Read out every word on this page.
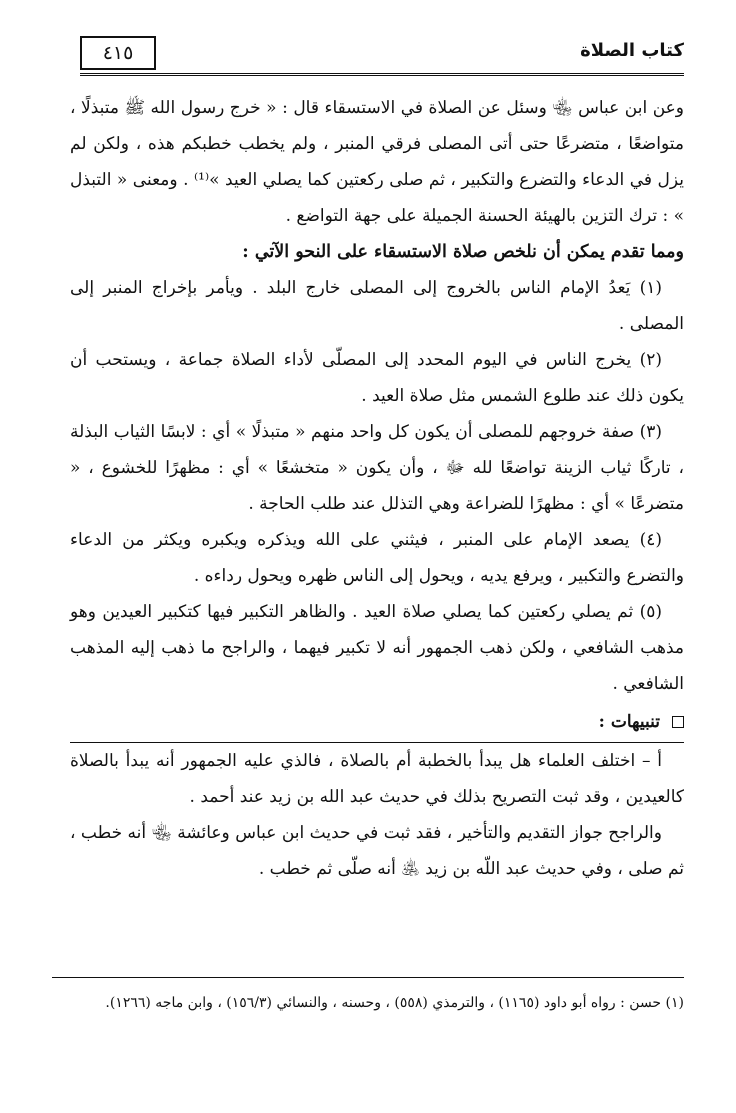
٤١٥	كتاب الصلاة

وعن ابن عباس ﵄ وسئل عن الصلاة في الاستسقاء قال : « خرج رسول الله ﷺ متبذلًا ، متواضعًا ، متضرعًا حتى أتى المصلى فرقي المنبر ، ولم يخطب خطبكم هذه ، ولكن لم يزل في الدعاء والتضرع والتكبير ، ثم صلى ركعتين كما يصلي العيد »⁽¹⁾ . ومعنى « التبذل » : ترك التزين بالهيئة الحسنة الجميلة على جهة التواضع .

ومما تقدم يمكن أن نلخص صلاة الاستسقاء على النحو الآتي :

(١) يَعدُ الإمام الناس بالخروج إلى المصلى خارج البلد . ويأمر بإخراج المنبر إلى المصلى .

(٢) يخرج الناس في اليوم المحدد إلى المصلّى لأداء الصلاة جماعة ، ويستحب أن يكون ذلك عند طلوع الشمس مثل صلاة العيد .

(٣) صفة خروجهم للمصلى أن يكون كل واحد منهم « متبذلًا » أي : لابسًا الثياب البذلة ، تاركًا ثياب الزينة تواضعًا لله ﷻ ، وأن يكون « متخشعًا » أي : مظهرًا للخشوع ، « متضرعًا » أي : مظهرًا للضراعة وهي التذلل عند طلب الحاجة .

(٤) يصعد الإمام على المنبر ، فيثني على الله ويذكره ويكبره ويكثر من الدعاء والتضرع والتكبير ، ويرفع يديه ، ويحول إلى الناس ظهره ويحول رداءه .

(٥) ثم يصلي ركعتين كما يصلي صلاة العيد . والظاهر التكبير فيها كتكبير العيدين وهو مذهب الشافعي ، ولكن ذهب الجمهور أنه لا تكبير فيهما ، والراجح ما ذهب إليه المذهب الشافعي .

تنبيهات :

أ – اختلف العلماء هل يبدأ بالخطبة أم بالصلاة ، فالذي عليه الجمهور أنه يبدأ بالصلاة كالعيدين ، وقد ثبت التصريح بذلك في حديث عبد الله بن زيد عند أحمد .

والراجح جواز التقديم والتأخير ، فقد ثبت في حديث ابن عباس وعائشة ﵄ أنه خطب ، ثم صلى ، وفي حديث عبد اللّه بن زيد ﵁ أنه صلّى ثم خطب .

(١) حسن : رواه أبو داود (١١٦٥) ، والترمذي (٥٥٨) ، وحسنه ، والنسائي (١٥٦/٣) ، وابن ماجه (١٢٦٦).
